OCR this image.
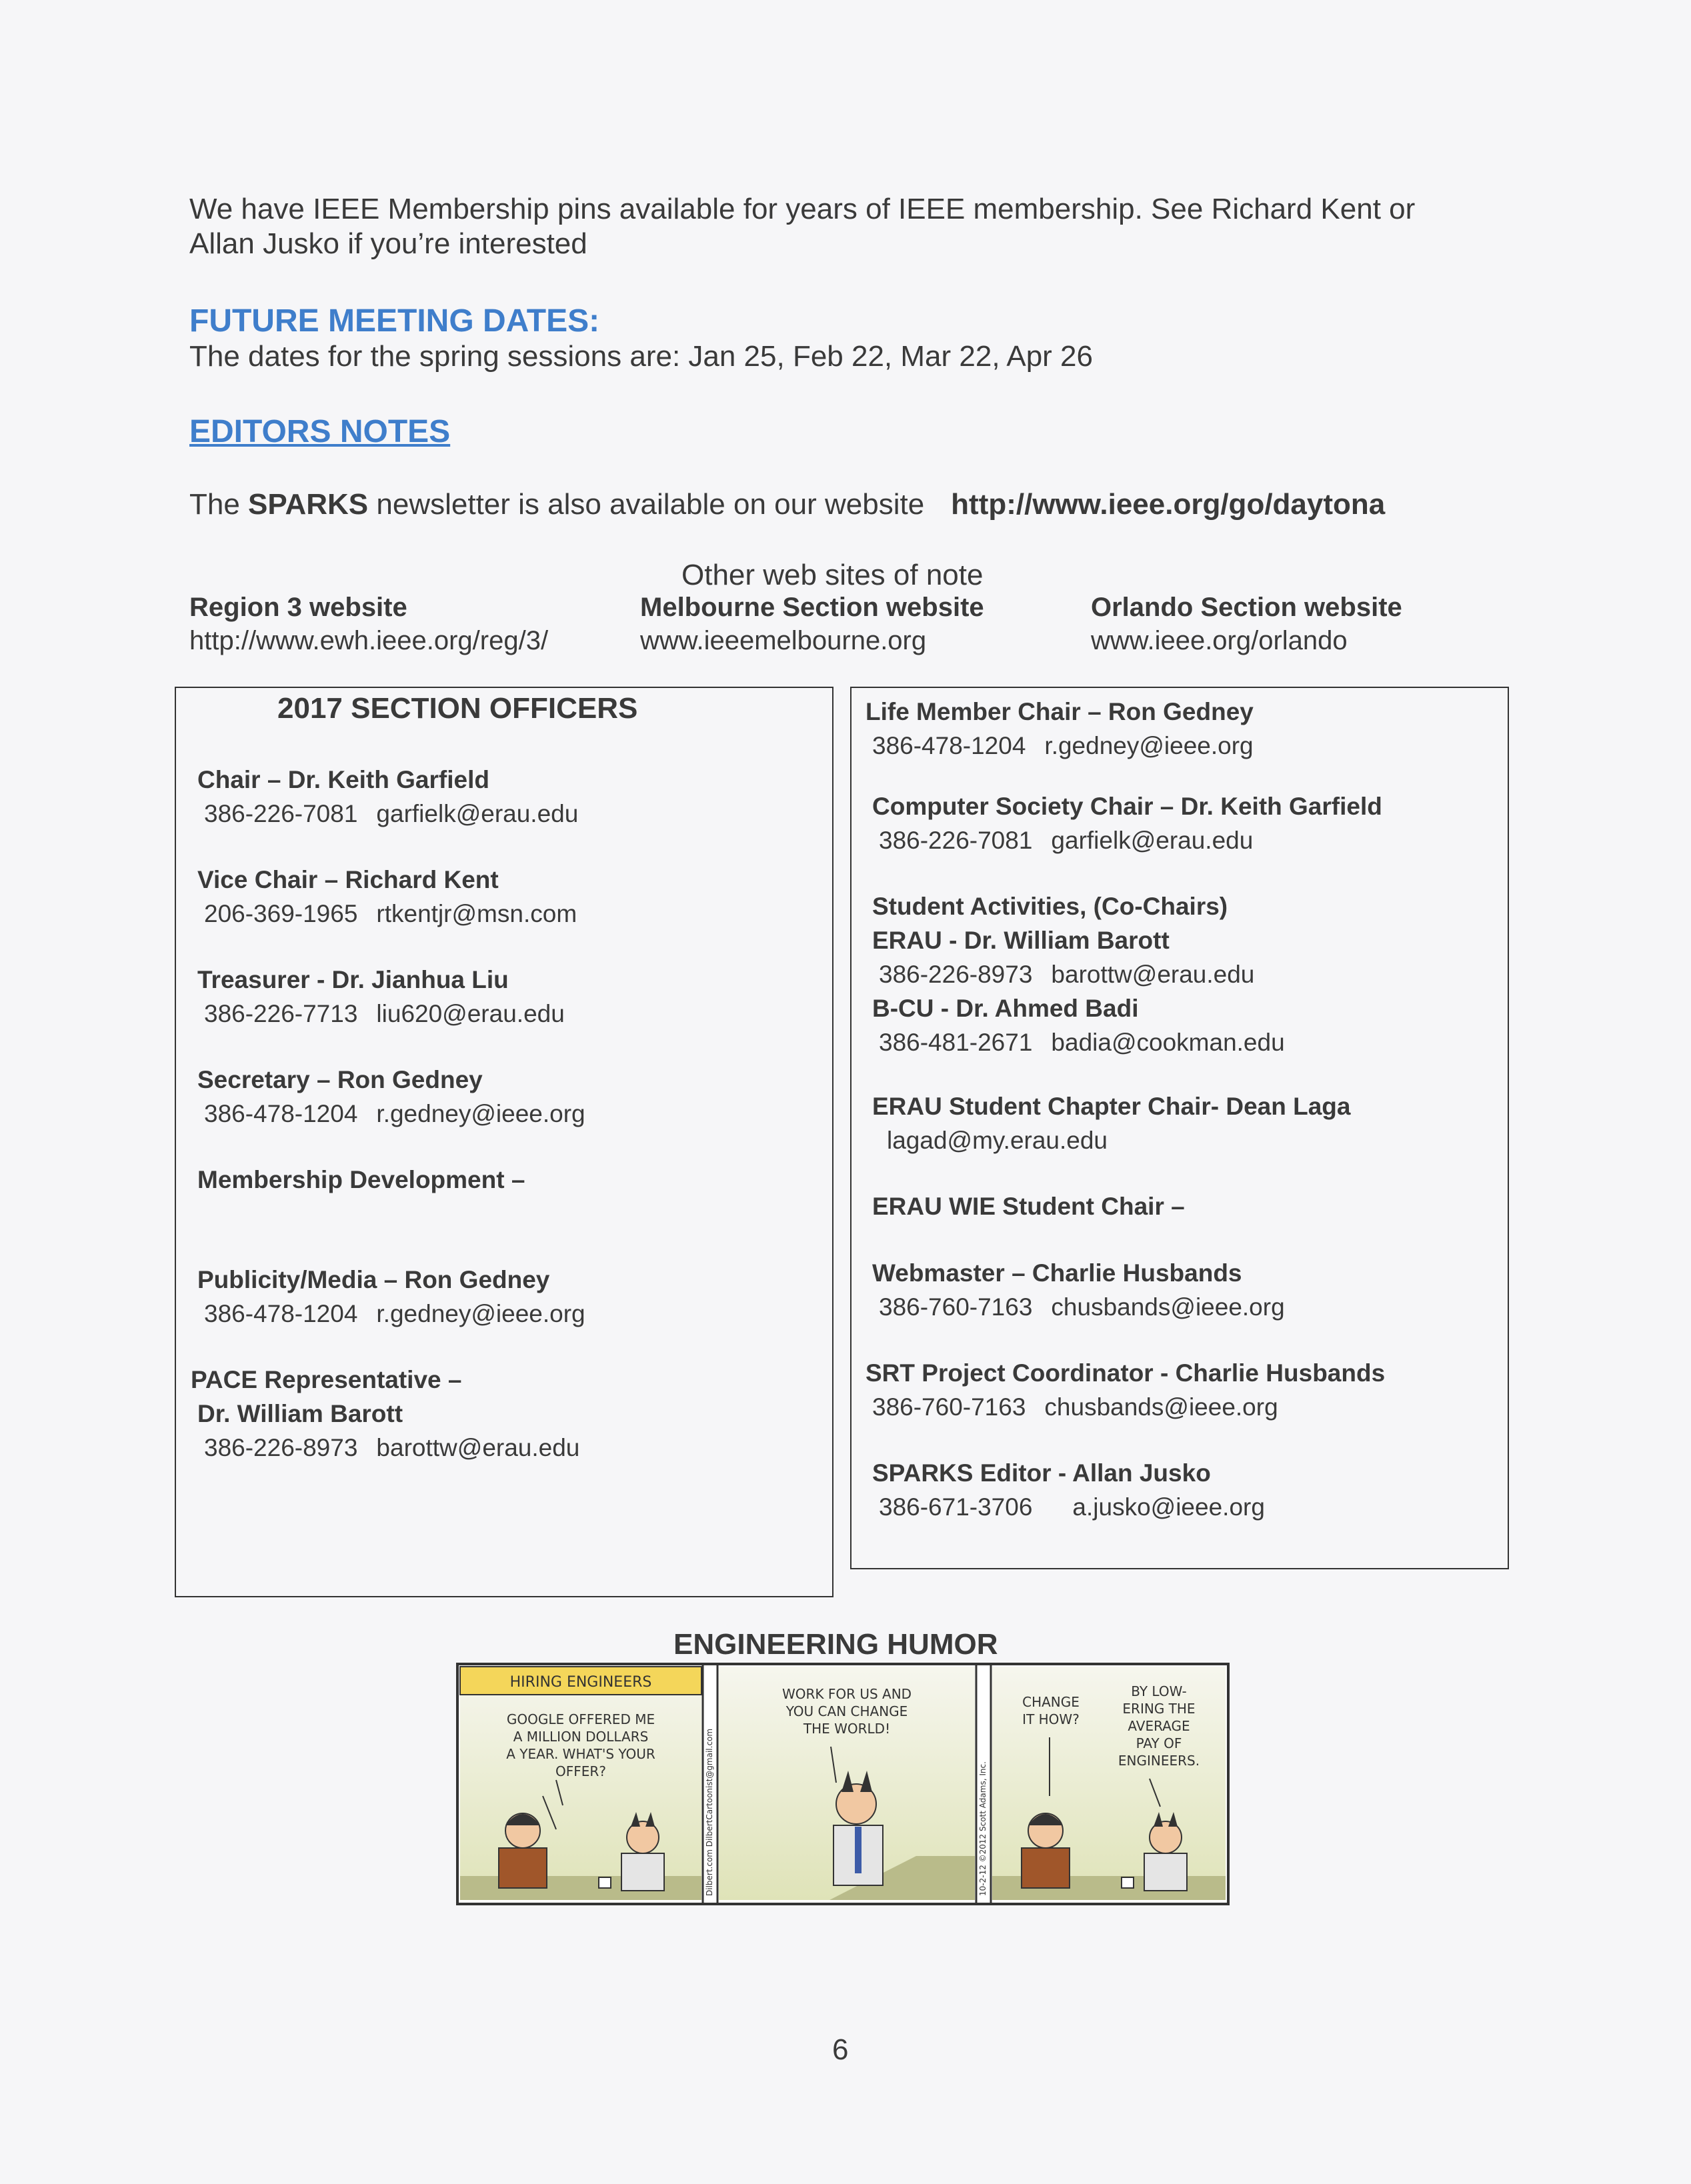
We have IEEE Membership pins available for years of IEEE membership. See Richard Kent or
Allan Jusko if you’re interested
FUTURE MEETING DATES:
The dates for the spring sessions are: Jan 25, Feb 22, Mar 22, Apr 26
EDITORS NOTES
The SPARKS newsletter is also available on our website http://www.ieee.org/go/daytona
Other web sites of note
Region 3 website
http://www.ewh.ieee.org/reg/3/
Melbourne Section website
www.ieeemelbourne.org
Orlando Section website
www.ieee.org/orlando
2017 SECTION OFFICERS
Chair – Dr. Keith Garfield
386-226-7081 garfielk@erau.edu
Vice Chair – Richard Kent
206-369-1965 rtkentjr@msn.com
Treasurer - Dr. Jianhua Liu
386-226-7713 liu620@erau.edu
Secretary – Ron Gedney
386-478-1204 r.gedney@ieee.org
Membership Development –
Publicity/Media – Ron Gedney
386-478-1204 r.gedney@ieee.org
PACE Representative –
Dr. William Barott
386-226-8973 barottw@erau.edu
Life Member Chair – Ron Gedney
386-478-1204 r.gedney@ieee.org
Computer Society Chair – Dr. Keith Garfield
386-226-7081 garfielk@erau.edu
Student Activities, (Co-Chairs)
ERAU - Dr. William Barott
386-226-8973 barottw@erau.edu
B-CU - Dr. Ahmed Badi
386-481-2671 badia@cookman.edu
ERAU Student Chapter Chair- Dean Laga
lagad@my.erau.edu
ERAU WIE Student Chair –
Webmaster – Charlie Husbands
386-760-7163 chusbands@ieee.org
SRT Project Coordinator - Charlie Husbands
386-760-7163 chusbands@ieee.org
SPARKS Editor - Allan Jusko
386-671-3706 a.jusko@ieee.org
ENGINEERING HUMOR
HIRING ENGINEERS
GOOGLE OFFERED ME
A MILLION DOLLARS
A YEAR. WHAT'S YOUR
OFFER?	Dilbert.com DilbertCartoonist@gmail.com
WORK FOR US AND
YOU CAN CHANGE
THE WORLD!
10-2-12 ©2012 Scott Adams, Inc.
CHANGE
IT HOW?
BY LOW-
ERING THE
AVERAGE
PAY OF
ENGINEERS.
6
